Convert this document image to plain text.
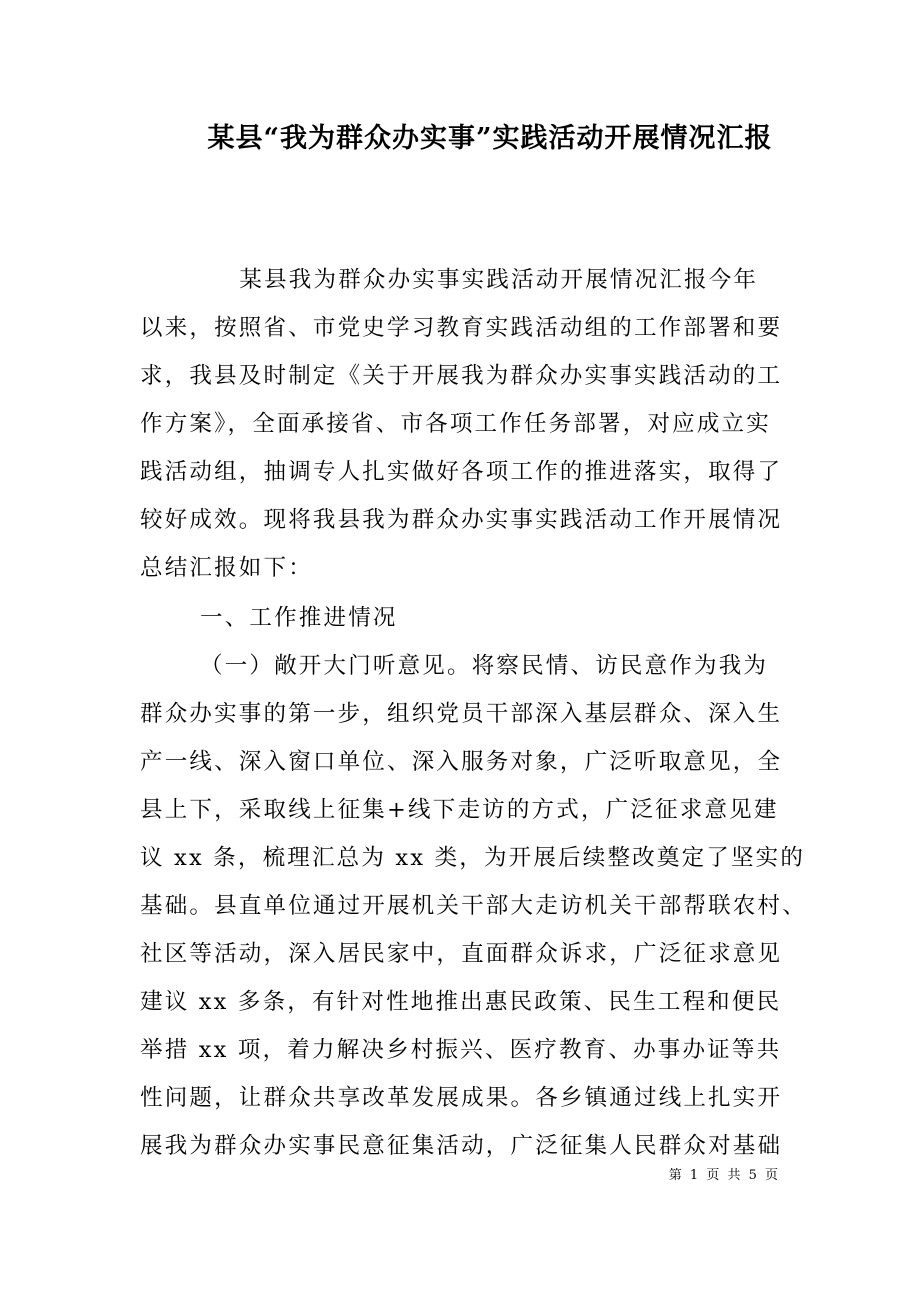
某县“我为群众办实事”实践活动开展情况汇报
　　某县我为群众办实事实践活动开展情况汇报今年
以来，按照省、市党史学习教育实践活动组的工作部署和要
求，我县及时制定《关于开展我为群众办实事实践活动的工
作方案》，全面承接省、市各项工作任务部署，对应成立实
践活动组，抽调专人扎实做好各项工作的推进落实，取得了
较好成效。现将我县我为群众办实事实践活动工作开展情况
总结汇报如下：
一、工作推进情况
（一）敞开大门听意见。将察民情、访民意作为我为
群众办实事的第一步，组织党员干部深入基层群众、深入生
产一线、深入窗口单位、深入服务对象，广泛听取意见，全
县上下，采取线上征集+线下走访的方式，广泛征求意见建
议 xx 条，梳理汇总为 xx 类，为开展后续整改奠定了坚实的
基础。县直单位通过开展机关干部大走访机关干部帮联农村、
社区等活动，深入居民家中，直面群众诉求，广泛征求意见
建议 xx 多条，有针对性地推出惠民政策、民生工程和便民
举措 xx 项，着力解决乡村振兴、医疗教育、办事办证等共
性问题，让群众共享改革发展成果。各乡镇通过线上扎实开
展我为群众办实事民意征集活动，广泛征集人民群众对基础
第 1 页 共 5 页
